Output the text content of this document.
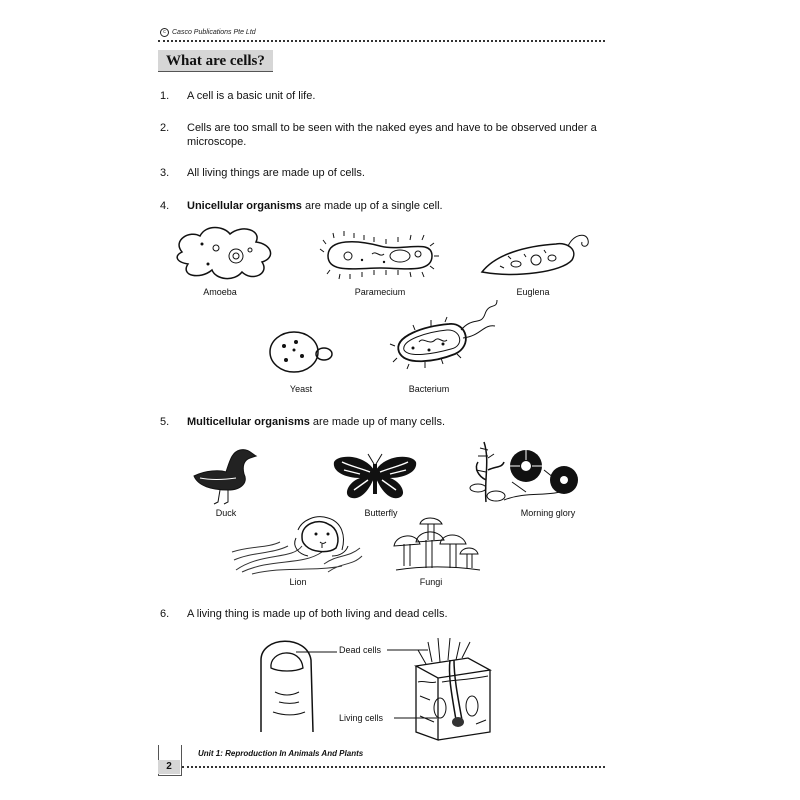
c Casco Publications Pte Ltd
What are cells?
1. A cell is a basic unit of life.
2. Cells are too small to be seen with the naked eyes and have to be observed under a microscope.
3. All living things are made up of cells.
4. Unicellular organisms are made up of a single cell.
Amoeba	Paramecium	Euglena
Yeast	Bacterium
5. Multicellular organisms are made up of many cells.
Duck	Butterfly	Morning glory
Lion	Fungi
6. A living thing is made up of both living and dead cells.
Dead cells
Living cells
2
Unit 1: Reproduction In Animals And Plants
